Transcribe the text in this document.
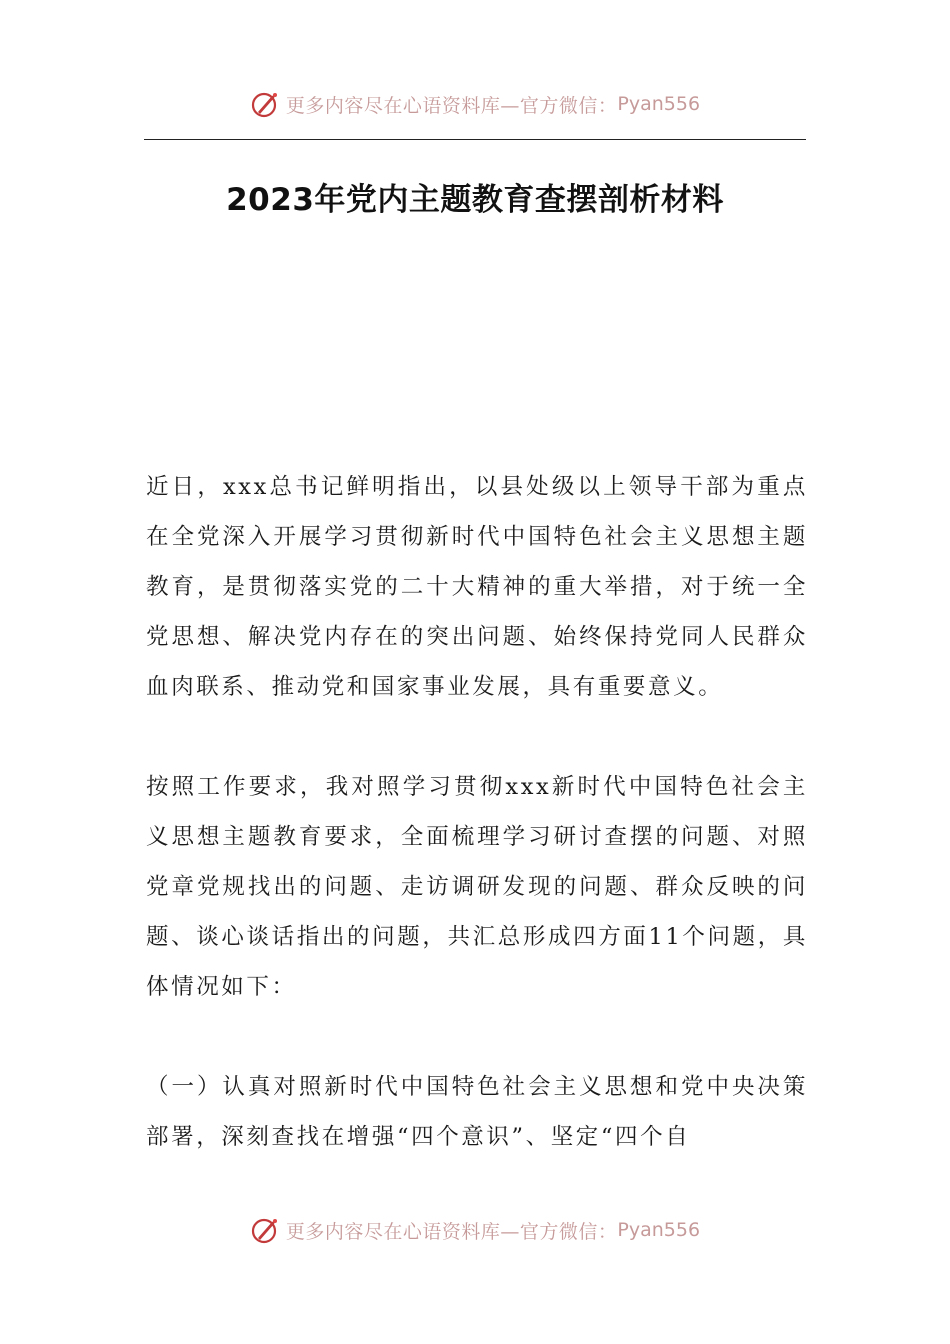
更多内容尽在心语资料库—官方微信： Pyan556
2023年党内主题教育查摆剖析材料

近日，xxx总书记鲜明指出，以县处级以上领导干部为重点在全党深入开展学习贯彻新时代中国特色社会主义思想主题教育，是贯彻落实党的二十大精神的重大举措，对于统一全党思想、解决党内存在的突出问题、始终保持党同人民群众血肉联系、推动党和国家事业发展，具有重要意义。

按照工作要求，我对照学习贯彻xxx新时代中国特色社会主义思想主题教育要求，全面梳理学习研讨查摆的问题、对照党章党规找出的问题、走访调研发现的问题、群众反映的问题、谈心谈话指出的问题，共汇总形成四方面11个问题，具体情况如下：

（一）认真对照新时代中国特色社会主义思想和党中央决策部署，深刻查找在增强“四个意识”、坚定“四个自

更多内容尽在心语资料库—官方微信： Pyan556
